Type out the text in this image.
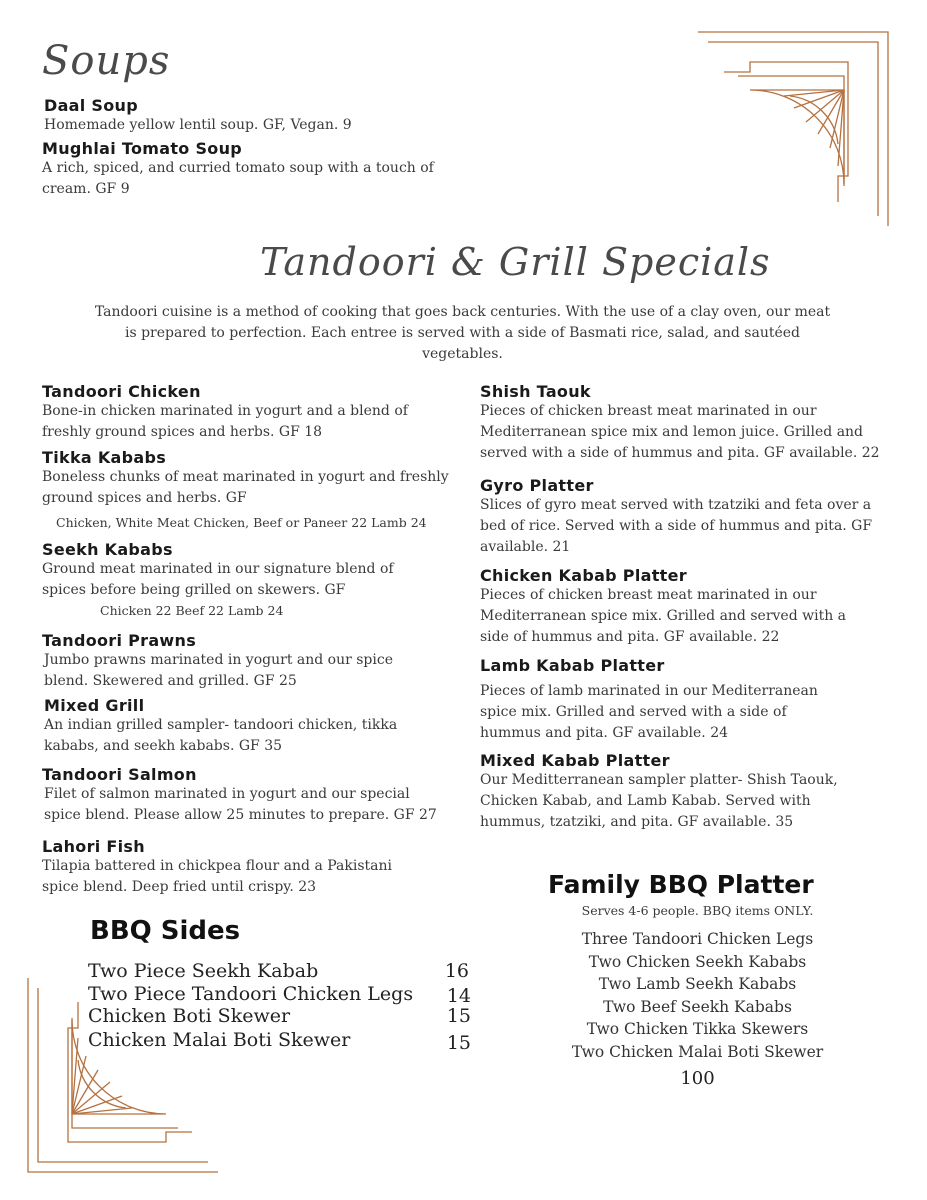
Soups
Daal Soup
Homemade yellow lentil soup. GF, Vegan. 9
Mughlai Tomato Soup
A rich, spiced, and curried tomato soup with a touch of cream. GF 9
Tandoori & Grill Specials
Tandoori cuisine is a method of cooking that goes back centuries. With the use of a clay oven, our meat is prepared to perfection. Each entree is served with a side of Basmati rice, salad, and sautéed vegetables.
Tandoori Chicken
Bone-in chicken marinated in yogurt and a blend of freshly ground spices and herbs. GF 18
Tikka Kababs
Boneless chunks of meat marinated in yogurt and freshly ground spices and herbs. GF
Chicken, White Meat Chicken, Beef or Paneer 22 Lamb 24
Seekh Kababs
Ground meat marinated in our signature blend of spices before being grilled on skewers. GF
Chicken 22 Beef 22 Lamb 24
Tandoori Prawns
Jumbo prawns marinated in yogurt and our spice blend. Skewered and grilled. GF 25
Mixed Grill
An indian grilled sampler- tandoori chicken, tikka kababs, and seekh kababs. GF 35
Tandoori Salmon
Filet of salmon marinated in yogurt and our special spice blend. Please allow 25 minutes to prepare. GF 27
Lahori Fish
Tilapia battered in chickpea flour and a Pakistani spice blend. Deep fried until crispy. 23
Shish Taouk
Pieces of chicken breast meat marinated in our Mediterranean spice mix and lemon juice. Grilled and served with a side of hummus and pita. GF available. 22
Gyro Platter
Slices of gyro meat served with tzatziki and feta over a bed of rice. Served with a side of hummus and pita. GF available. 21
Chicken Kabab Platter
Pieces of chicken breast meat marinated in our Mediterranean spice mix. Grilled and served with a side of hummus and pita. GF available. 22
Lamb Kabab Platter
Pieces of lamb marinated in our Mediterranean spice mix. Grilled and served with a side of hummus and pita. GF available. 24
Mixed Kabab Platter
Our Meditterranean sampler platter- Shish Taouk, Chicken Kabab, and Lamb Kabab. Served with hummus, tzatziki, and pita. GF available. 35
BBQ Sides
Two Piece Seekh Kabab	16
Two Piece Tandoori Chicken Legs 14
Chicken Boti Skewer	15
Chicken Malai Boti Skewer	15
Family BBQ Platter
Serves 4-6 people. BBQ items ONLY.
Three Tandoori Chicken Legs
Two Chicken Seekh Kababs
Two Lamb Seekh Kababs
Two Beef Seekh Kababs
Two Chicken Tikka Skewers
Two Chicken Malai Boti Skewer
100
